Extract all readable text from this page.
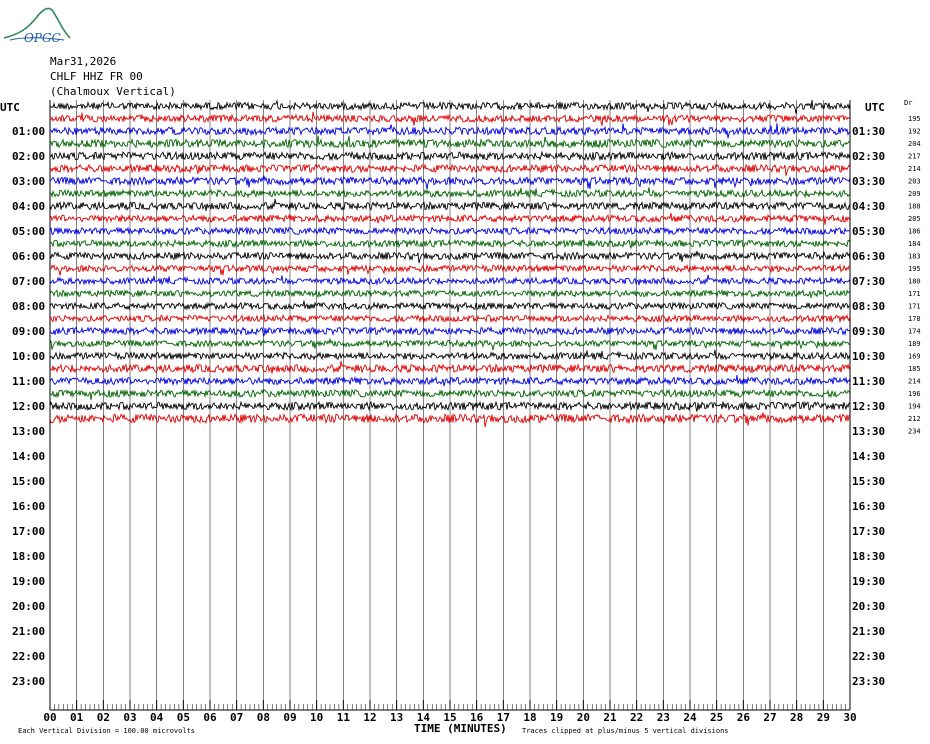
OPGC
Mar31,2026
CHLF HHZ FR 00
(Chalmoux Vertical)
UTC	UTC	Dr
01:00
02:00
03:00
04:00
05:00
06:00
07:00
08:00
09:00
10:00
11:00
12:00
13:00
14:00
15:00
16:00
17:00
18:00
19:00
20:00
21:00
22:00
23:00
01:30
02:30
03:30
04:30
05:30
06:30
07:30
08:30
09:30
10:30
11:30
12:30
13:30
14:30
15:30
16:30
17:30
18:30
19:30
20:30
21:30
22:30
23:30
195
192
204
217
214
203
209
188
205
186
184
183
195
180
171
171
178
174
189
169
185
214
196
194
212
234
00 01 02 03 04 05 06 07 08 09 10 11 12 13 14 15 16 17 18 19 20 21 22 23 24 25 26 27 28 29 30
TIME (MINUTES)
Each Vertical Division = 100.00 microvolts	Traces clipped at plus/minus 5 vertical divisions
